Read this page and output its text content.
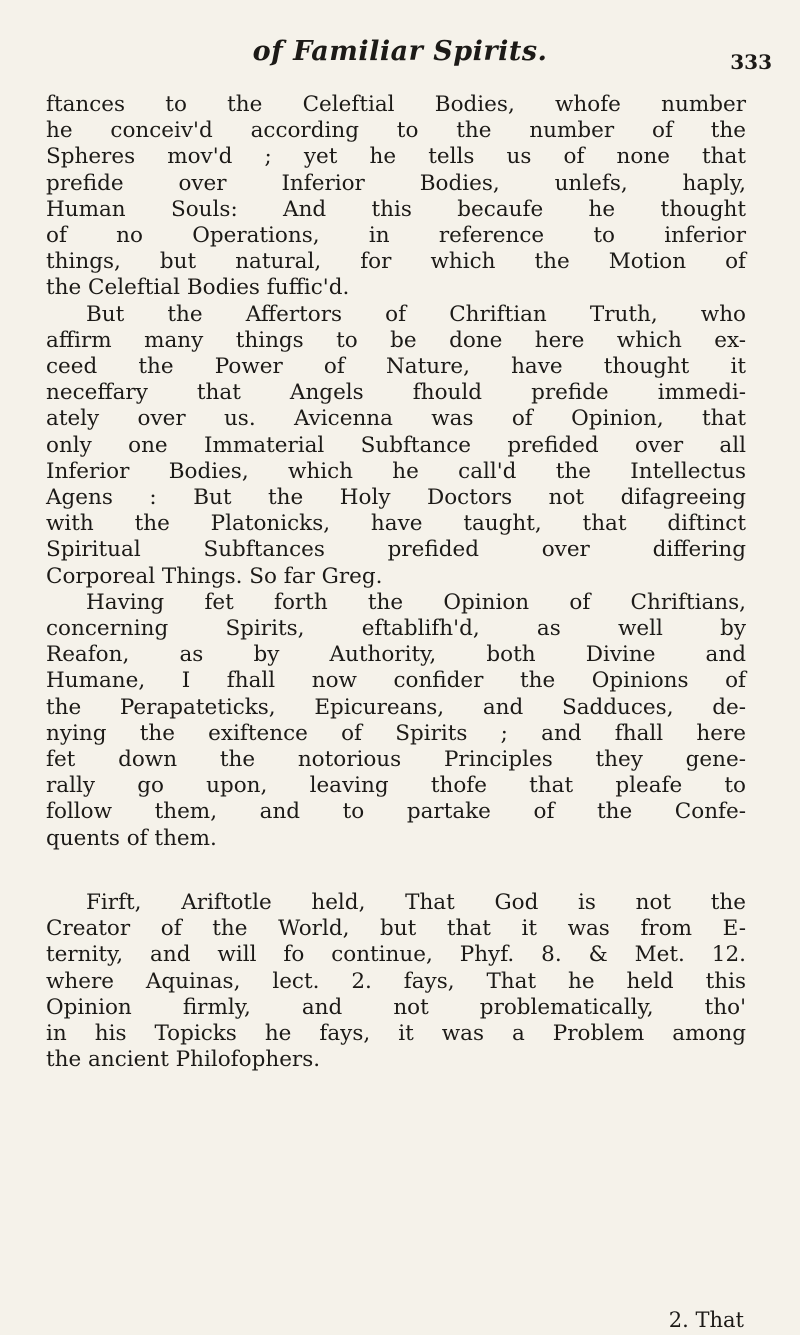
of Familiar Spirits.	333
ftances to the Celeftial Bodies, whofe number
he conceiv'd according to the number of the
Spheres mov'd ; yet he tells us of none that
prefide over Inferior Bodies, unlefs, haply,
Human Souls: And this becaufe he thought
of no Operations, in reference to inferior
things, but natural, for which the Motion of
the Celeftial Bodies fuffic'd.
But the Affertors of Chriftian Truth, who
affirm many things to be done here which ex-
ceed the Power of Nature, have thought it
neceffary that Angels fhould prefide immedi-
ately over us. Avicenna was of Opinion, that
only one Immaterial Subftance prefided over all
Inferior Bodies, which he call'd the Intellectus
Agens : But the Holy Doctors not difagreeing
with the Platonicks, have taught, that diftinct
Spiritual Subftances prefided over differing
Corporeal Things. So far Greg.
Having fet forth the Opinion of Chriftians,
concerning Spirits, eftablifh'd, as well by
Reafon, as by Authority, both Divine and
Humane, I fhall now confider the Opinions of
the Perapateticks, Epicureans, and Sadduces, de-
nying the exiftence of Spirits ; and fhall here
fet down the notorious Principles they gene-
rally go upon, leaving thofe that pleafe to
follow them, and to partake of the Confe-
quents of them.
Firft, Ariftotle held, That God is not the
Creator of the World, but that it was from E-
ternity, and will fo continue, Phyf. 8. & Met. 12.
where Aquinas, lect. 2. fays, That he held this
Opinion firmly, and not problematically, tho'
in his Topicks he fays, it was a Problem among
the ancient Philofophers.
2. That
